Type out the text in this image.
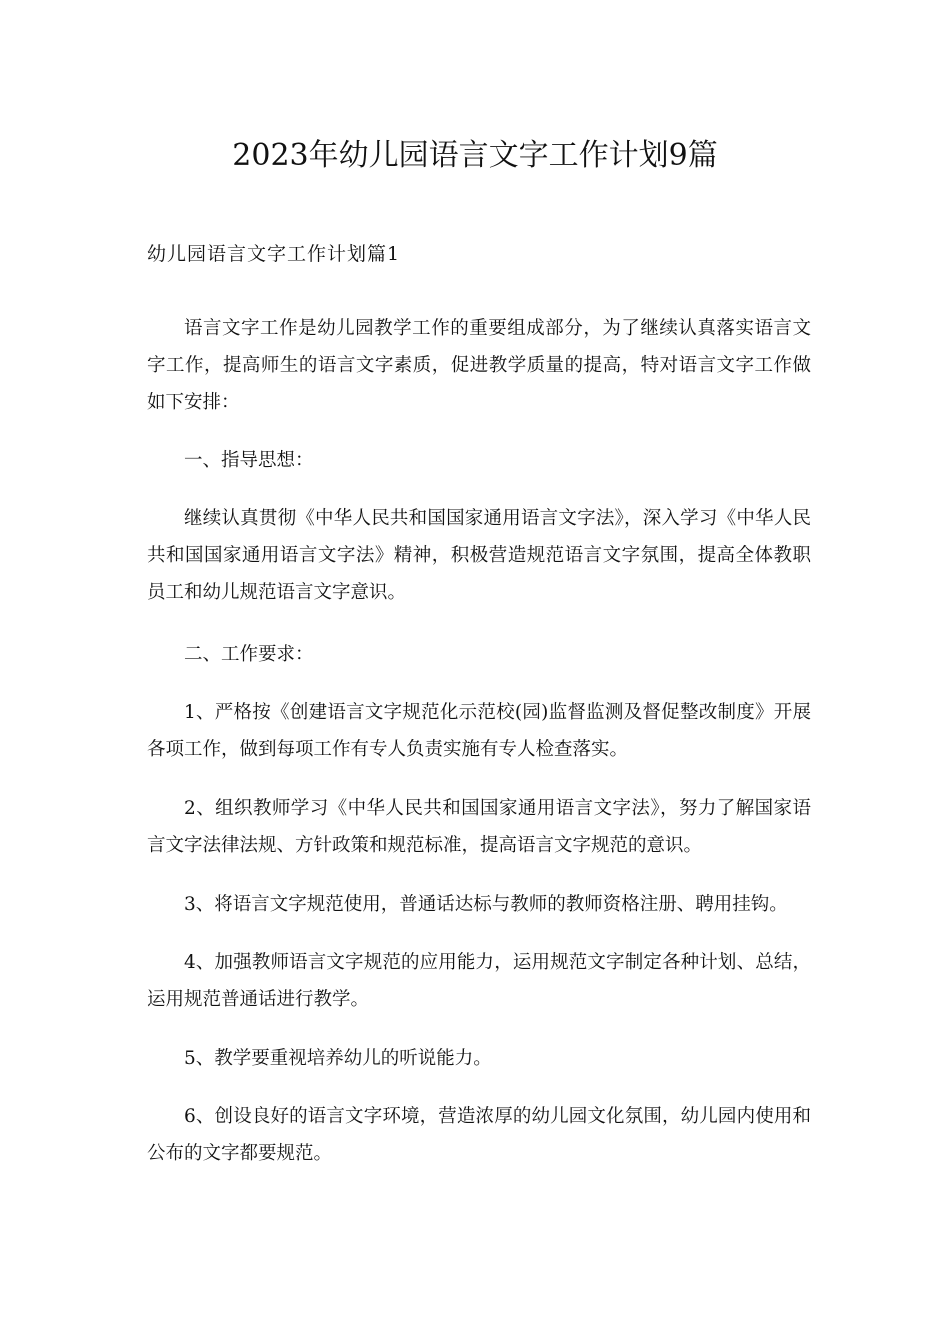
2023年幼儿园语言文字工作计划9篇
幼儿园语言文字工作计划篇1

语言文字工作是幼儿园教学工作的重要组成部分，为了继续认真落实语言文字工作，提高师生的语言文字素质，促进教学质量的提高，特对语言文字工作做如下安排：

一、指导思想：

继续认真贯彻《中华人民共和国国家通用语言文字法》，深入学习《中华人民共和国国家通用语言文字法》精神，积极营造规范语言文字氛围，提高全体教职员工和幼儿规范语言文字意识。

二、工作要求：

1、严格按《创建语言文字规范化示范校(园)监督监测及督促整改制度》开展各项工作，做到每项工作有专人负责实施有专人检查落实。

2、组织教师学习《中华人民共和国国家通用语言文字法》，努力了解国家语言文字法律法规、方针政策和规范标准，提高语言文字规范的意识。

3、将语言文字规范使用，普通话达标与教师的教师资格注册、聘用挂钩。

4、加强教师语言文字规范的应用能力，运用规范文字制定各种计划、总结，运用规范普通话进行教学。

5、教学要重视培养幼儿的听说能力。

6、创设良好的语言文字环境，营造浓厚的幼儿园文化氛围，幼儿园内使用和公布的文字都要规范。
